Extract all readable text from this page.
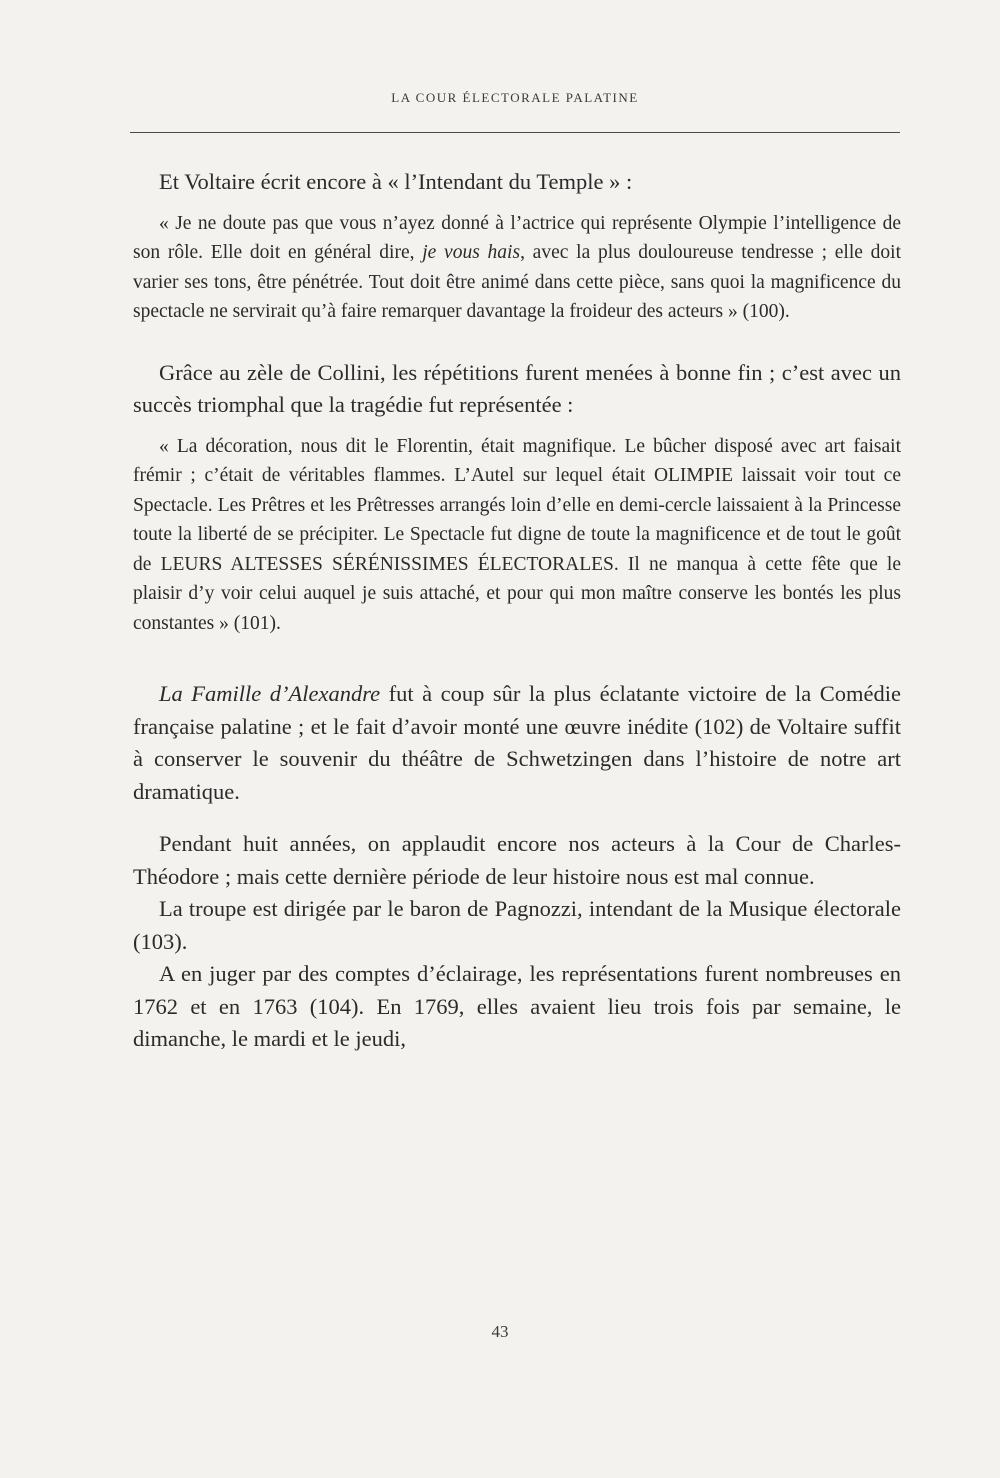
LA COUR ÉLECTORALE PALATINE

Et Voltaire écrit encore à « l’Intendant du Temple » :

« Je ne doute pas que vous n’ayez donné à l’actrice qui représente Olympie l’intelligence de son rôle. Elle doit en général dire, je vous hais, avec la plus douloureuse tendresse ; elle doit varier ses tons, être pénétrée. Tout doit être animé dans cette pièce, sans quoi la magnificence du spectacle ne servirait qu’à faire remarquer davantage la froideur des acteurs » (100).

Grâce au zèle de Collini, les répétitions furent menées à bonne fin ; c’est avec un succès triomphal que la tragédie fut représentée :

« La décoration, nous dit le Florentin, était magnifique. Le bûcher disposé avec art faisait frémir ; c’était de véritables flammes. L’Autel sur lequel était OLIMPIE laissait voir tout ce Spectacle. Les Prêtres et les Prêtresses arrangés loin d’elle en demi-cercle laissaient à la Princesse toute la liberté de se précipiter. Le Spectacle fut digne de toute la magnificence et de tout le goût de LEURS ALTESSES SÉRÉNISSIMES ÉLECTORALES. Il ne manqua à cette fête que le plaisir d’y voir celui auquel je suis attaché, et pour qui mon maître conserve les bontés les plus constantes » (101).

La Famille d’Alexandre fut à coup sûr la plus éclatante victoire de la Comédie française palatine ; et le fait d’avoir monté une œuvre inédite (102) de Voltaire suffit à conserver le souvenir du théâtre de Schwetzingen dans l’histoire de notre art dramatique.

Pendant huit années, on applaudit encore nos acteurs à la Cour de Charles-Théodore ; mais cette dernière période de leur histoire nous est mal connue.

La troupe est dirigée par le baron de Pagnozzi, intendant de la Musique électorale (103).

A en juger par des comptes d’éclairage, les représentations furent nombreuses en 1762 et en 1763 (104). En 1769, elles avaient lieu trois fois par semaine, le dimanche, le mardi et le jeudi,

43
